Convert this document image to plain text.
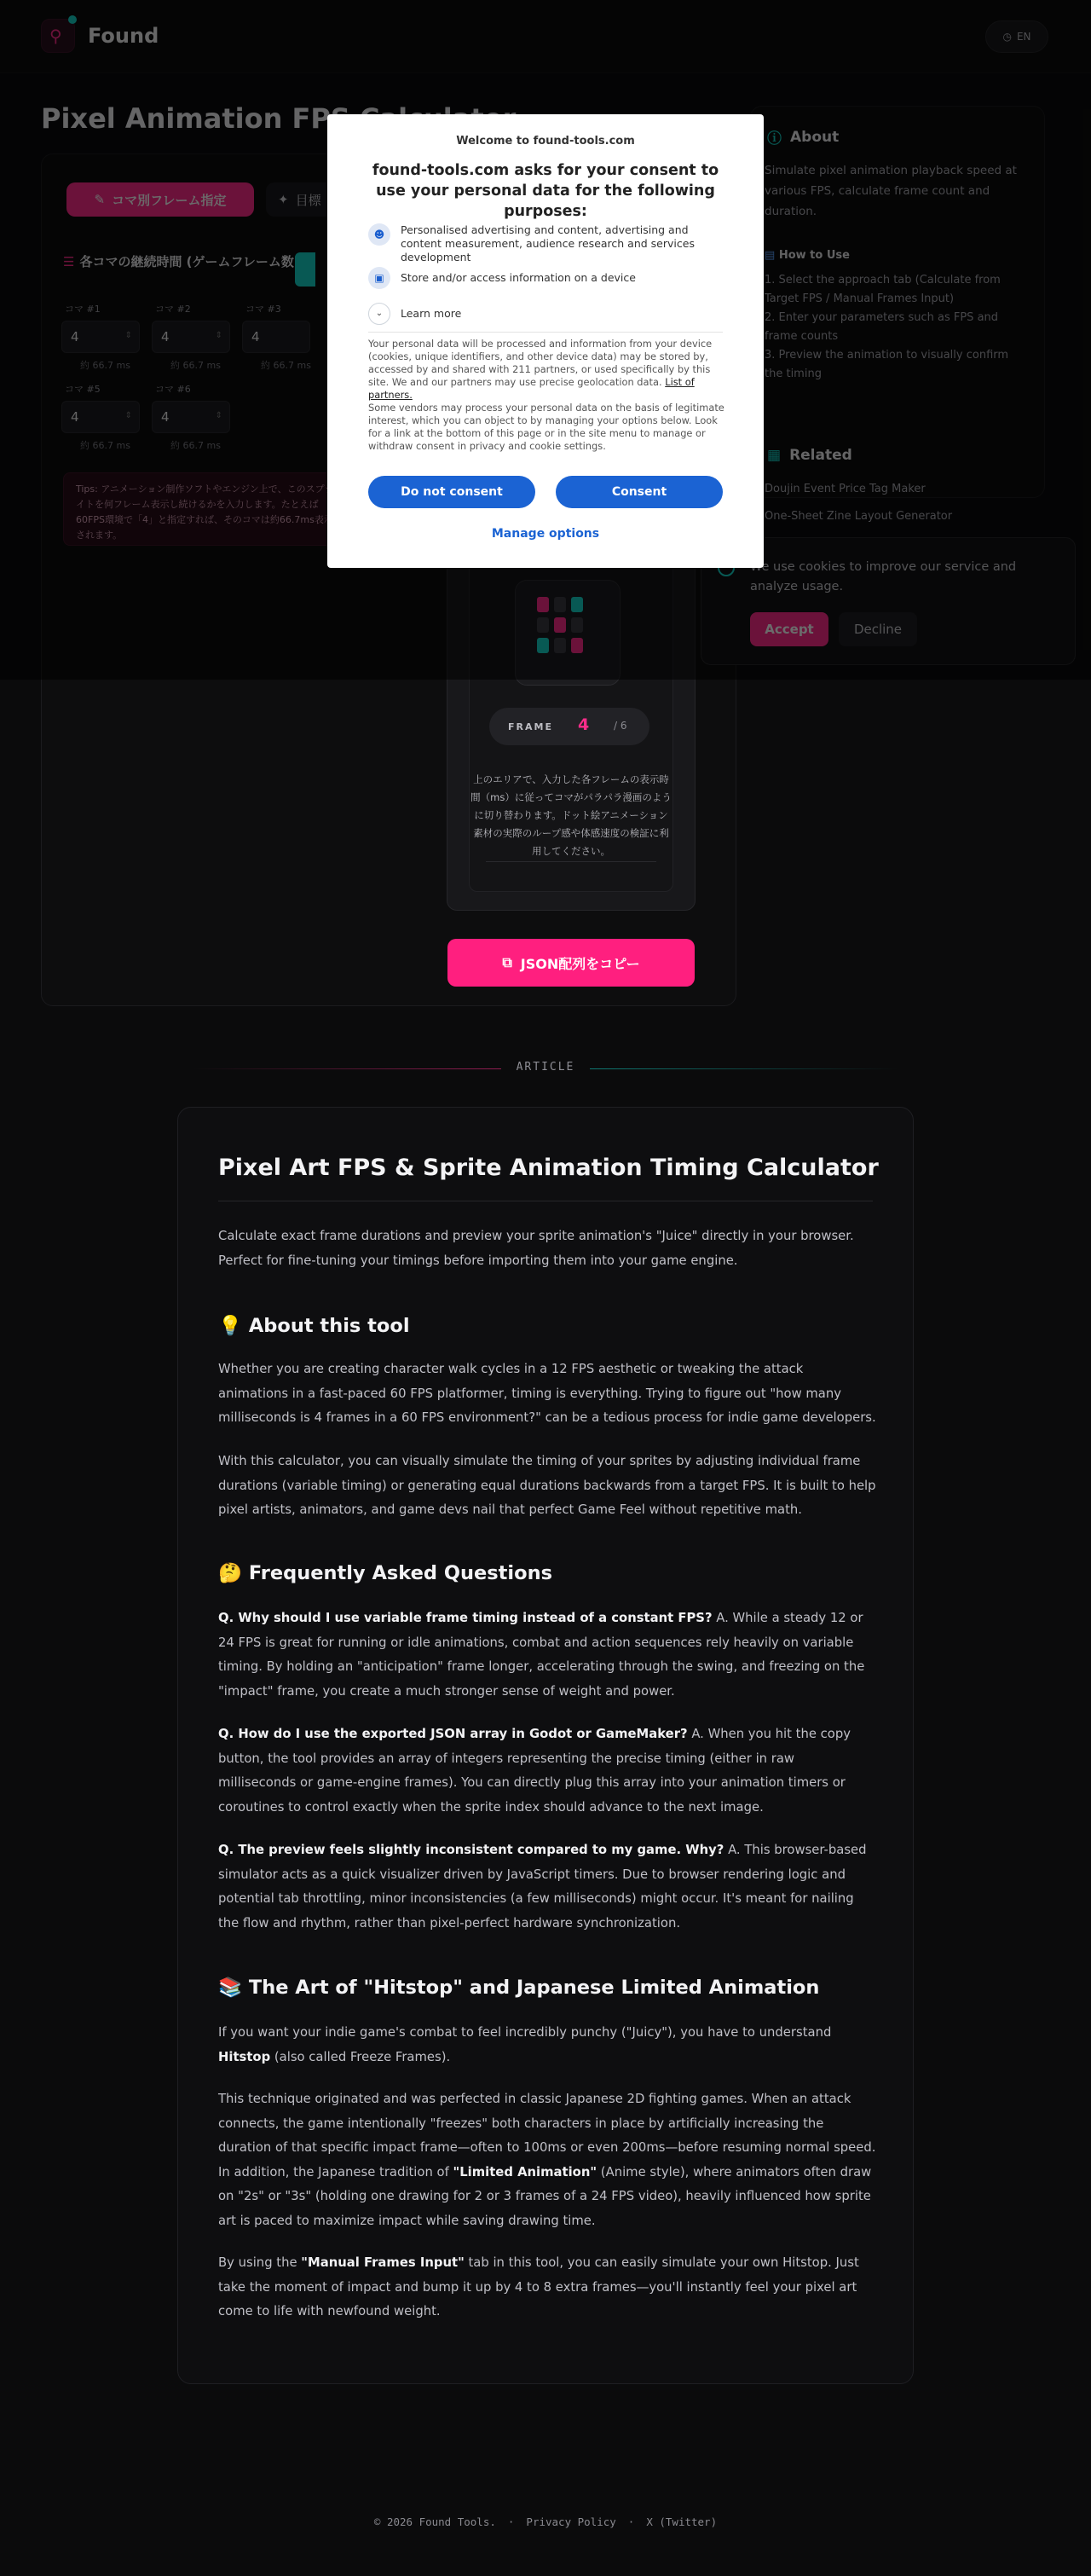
FRAME 4 / 6
上のエリアで、入力した各フレームの表示時間（ms）に従ってコマがパラパラ漫画のように切り替わります。ドット絵アニメーション素材の実際のループ感や体感速度の検証に利用してください。
⧉ JSON配列をコピー
Welcome to found-tools.com
found-tools.com asks for your consent to use your personal data for the following purposes:
☻	Personalised advertising and content, advertising and content measurement, audience research and services development
▣	Store and/or access information on a device
⌄	Learn more
Your personal data will be processed and information from your device (cookies, unique identifiers, and other device data) may be stored by, accessed by and shared with 211 partners, or used specifically by this site. We and our partners may use precise geolocation data. List of partners.
Some vendors may process your personal data on the basis of legitimate interest, which you can object to by managing your options below. Look for a link at the bottom of this page or in the site menu to manage or withdraw consent in privacy and cookie settings.
Do not consent	Consent
Manage options
ARTICLE
Pixel Art FPS & Sprite Animation Timing Calculator
Calculate exact frame durations and preview your sprite animation's "Juice" directly in your browser. Perfect for fine-tuning your timings before importing them into your game engine.
💡 About this tool
Whether you are creating character walk cycles in a 12 FPS aesthetic or tweaking the attack animations in a fast-paced 60 FPS platformer, timing is everything. Trying to figure out "how many milliseconds is 4 frames in a 60 FPS environment?" can be a tedious process for indie game developers.
With this calculator, you can visually simulate the timing of your sprites by adjusting individual frame durations (variable timing) or generating equal durations backwards from a target FPS. It is built to help pixel artists, animators, and game devs nail that perfect Game Feel without repetitive math.
🤔 Frequently Asked Questions
Q. Why should I use variable frame timing instead of a constant FPS? A. While a steady 12 or 24 FPS is great for running or idle animations, combat and action sequences rely heavily on variable timing. By holding an "anticipation" frame longer, accelerating through the swing, and freezing on the "impact" frame, you create a much stronger sense of weight and power.
Q. How do I use the exported JSON array in Godot or GameMaker? A. When you hit the copy button, the tool provides an array of integers representing the precise timing (either in raw milliseconds or game-engine frames). You can directly plug this array into your animation timers or coroutines to control exactly when the sprite index should advance to the next image.
Q. The preview feels slightly inconsistent compared to my game. Why? A. This browser-based simulator acts as a quick visualizer driven by JavaScript timers. Due to browser rendering logic and potential tab throttling, minor inconsistencies (a few milliseconds) might occur. It's meant for nailing the flow and rhythm, rather than pixel-perfect hardware synchronization.
📚 The Art of "Hitstop" and Japanese Limited Animation
If you want your indie game's combat to feel incredibly punchy ("Juicy"), you have to understand Hitstop (also called Freeze Frames).
This technique originated and was perfected in classic Japanese 2D fighting games. When an attack connects, the game intentionally "freezes" both characters in place by artificially increasing the duration of that specific impact frame—often to 100ms or even 200ms—before resuming normal speed. In addition, the Japanese tradition of "Limited Animation" (Anime style), where animators often draw on "2s" or "3s" (holding one drawing for 2 or 3 frames of a 24 FPS video), heavily influenced how sprite art is paced to maximize impact while saving drawing time.
By using the "Manual Frames Input" tab in this tool, you can easily simulate your own Hitstop. Just take the moment of impact and bump it up by 4 to 8 extra frames—you'll instantly feel your pixel art come to life with newfound weight.
© 2026 Found Tools. · Privacy Policy · X (Twitter)
